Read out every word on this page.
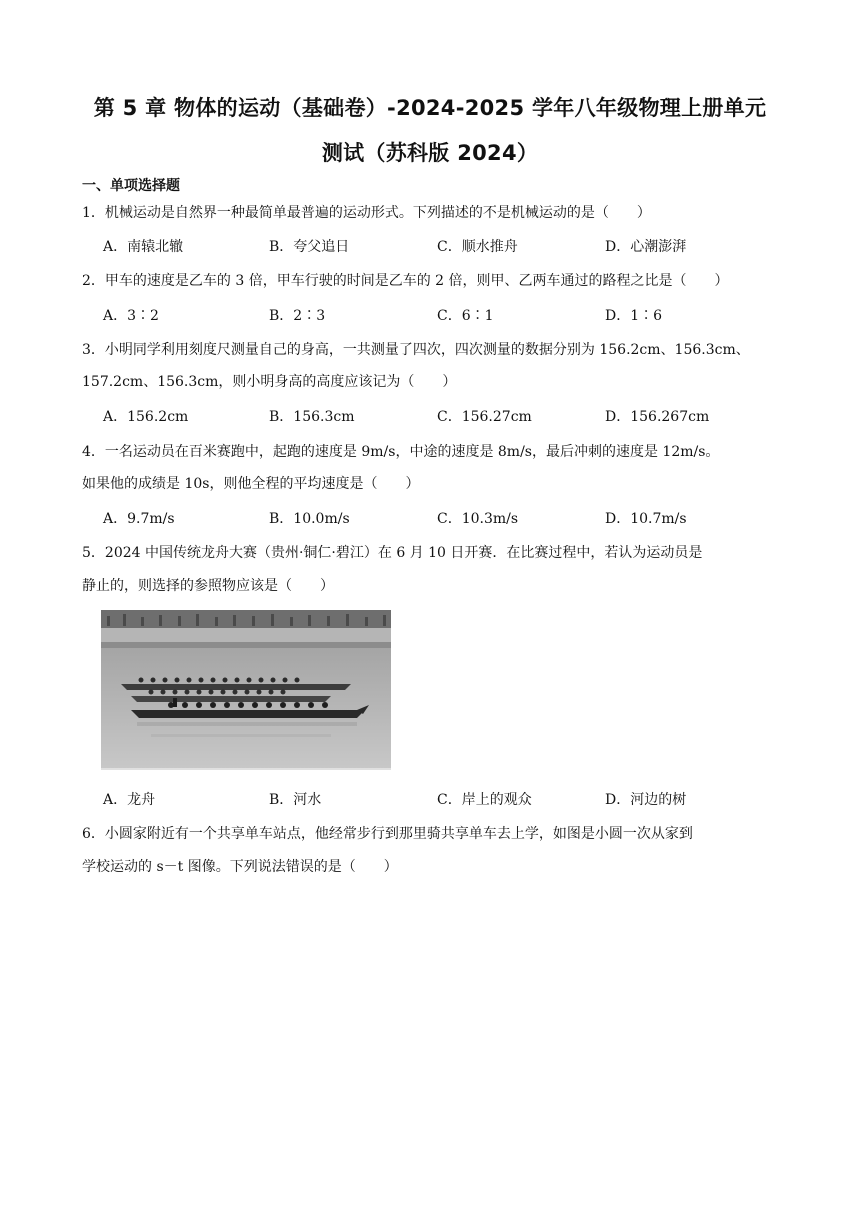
第 5 章 物体的运动（基础卷）-2024-2025 学年八年级物理上册单元
测试（苏科版 2024）
一、单项选择题
1．机械运动是自然界一种最简单最普遍的运动形式。下列描述的不是机械运动的是（　　）
A．南辕北辙	B．夸父追日	C．顺水推舟	D．心潮澎湃
2．甲车的速度是乙车的 3 倍，甲车行驶的时间是乙车的 2 倍，则甲、乙两车通过的路程之比是（　　）
A．3∶2	B．2∶3	C．6∶1	D．1∶6
3．小明同学利用刻度尺测量自己的身高，一共测量了四次，四次测量的数据分别为 156.2cm、156.3cm、
157.2cm、156.3cm，则小明身高的高度应该记为（　　）
A．156.2cm	B．156.3cm	C．156.27cm	D．156.267cm
4．一名运动员在百米赛跑中，起跑的速度是 9m/s，中途的速度是 8m/s，最后冲刺的速度是 12m/s。
如果他的成绩是 10s，则他全程的平均速度是（　　）
A．9.7m/s	B．10.0m/s	C．10.3m/s	D．10.7m/s
5．2024 中国传统龙舟大赛（贵州·铜仁·碧江）在 6 月 10 日开赛．在比赛过程中，若认为运动员是
静止的，则选择的参照物应该是（　　）
A．龙舟	B．河水	C．岸上的观众	D．河边的树
6．小圆家附近有一个共享单车站点，他经常步行到那里骑共享单车去上学，如图是小圆一次从家到
学校运动的 s－t 图像。下列说法错误的是（　　）
